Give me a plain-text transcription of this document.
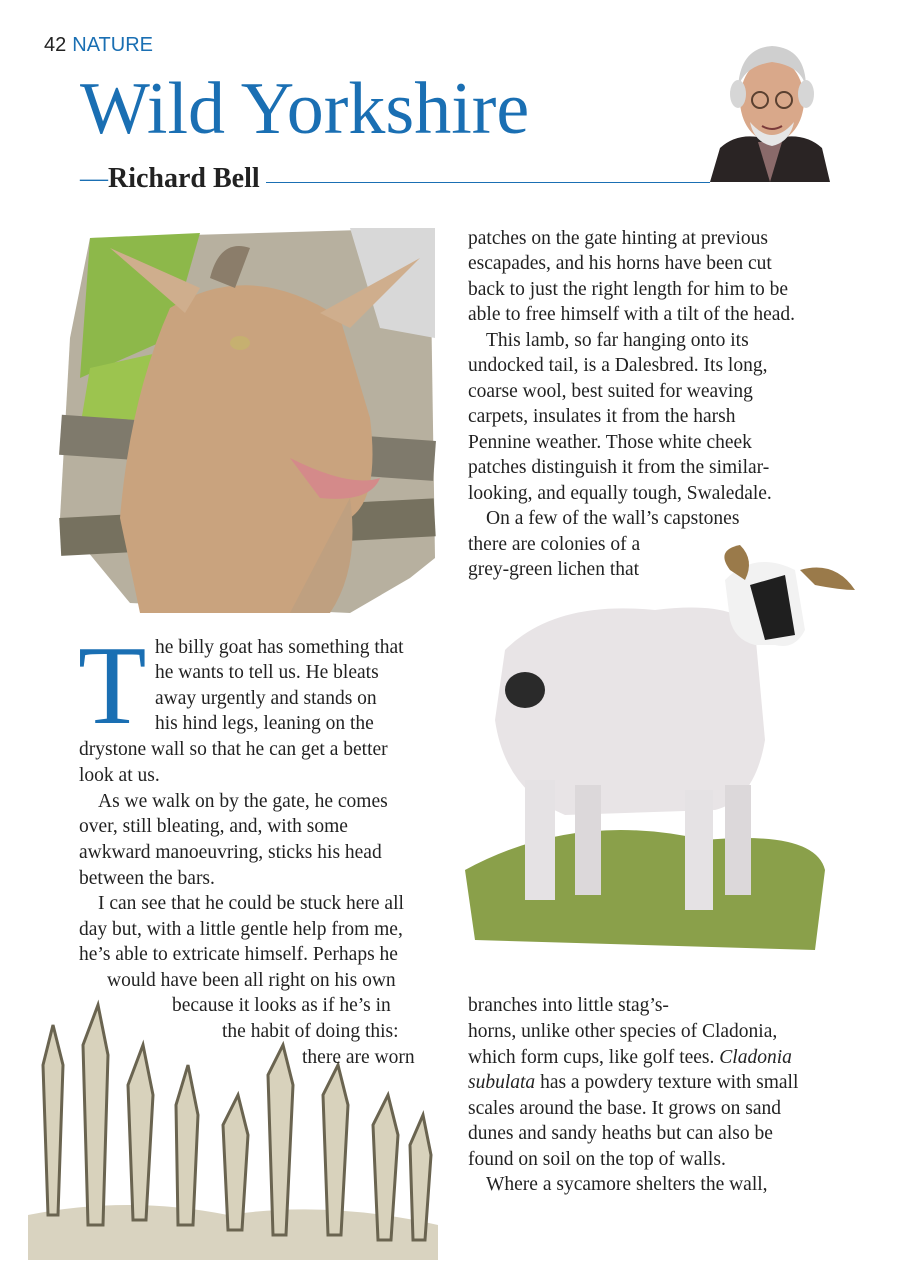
42 NATURE
Wild Yorkshire
—Richard Bell
T he billy goat has something that
he wants to tell us. He bleats
away urgently and stands on
his hind legs, leaning on the
drystone wall so that he can get a better
look at us.
As we walk on by the gate, he comes
over, still bleating, and, with some
awkward manoeuvring, sticks his head
between the bars.
I can see that he could be stuck here all
day but, with a little gentle help from me,
he’s able to extricate himself. Perhaps he
would have been all right on his own
because it looks as if he’s in
the habit of doing this:
there are worn
patches on the gate hinting at previous
escapades, and his horns have been cut
back to just the right length for him to be
able to free himself with a tilt of the head.
This lamb, so far hanging onto its
undocked tail, is a Dalesbred. Its long,
coarse wool, best suited for weaving
carpets, insulates it from the harsh
Pennine weather. Those white cheek
patches distinguish it from the similar-
looking, and equally tough, Swaledale.
On a few of the wall’s capstones
there are colonies of a
grey-green lichen that
branches into little stag’s-
horns, unlike other species of Cladonia,
which form cups, like golf tees. Cladonia
subulata has a powdery texture with small
scales around the base. It grows on sand
dunes and sandy heaths but can also be
found on soil on the top of walls.
Where a sycamore shelters the wall,
